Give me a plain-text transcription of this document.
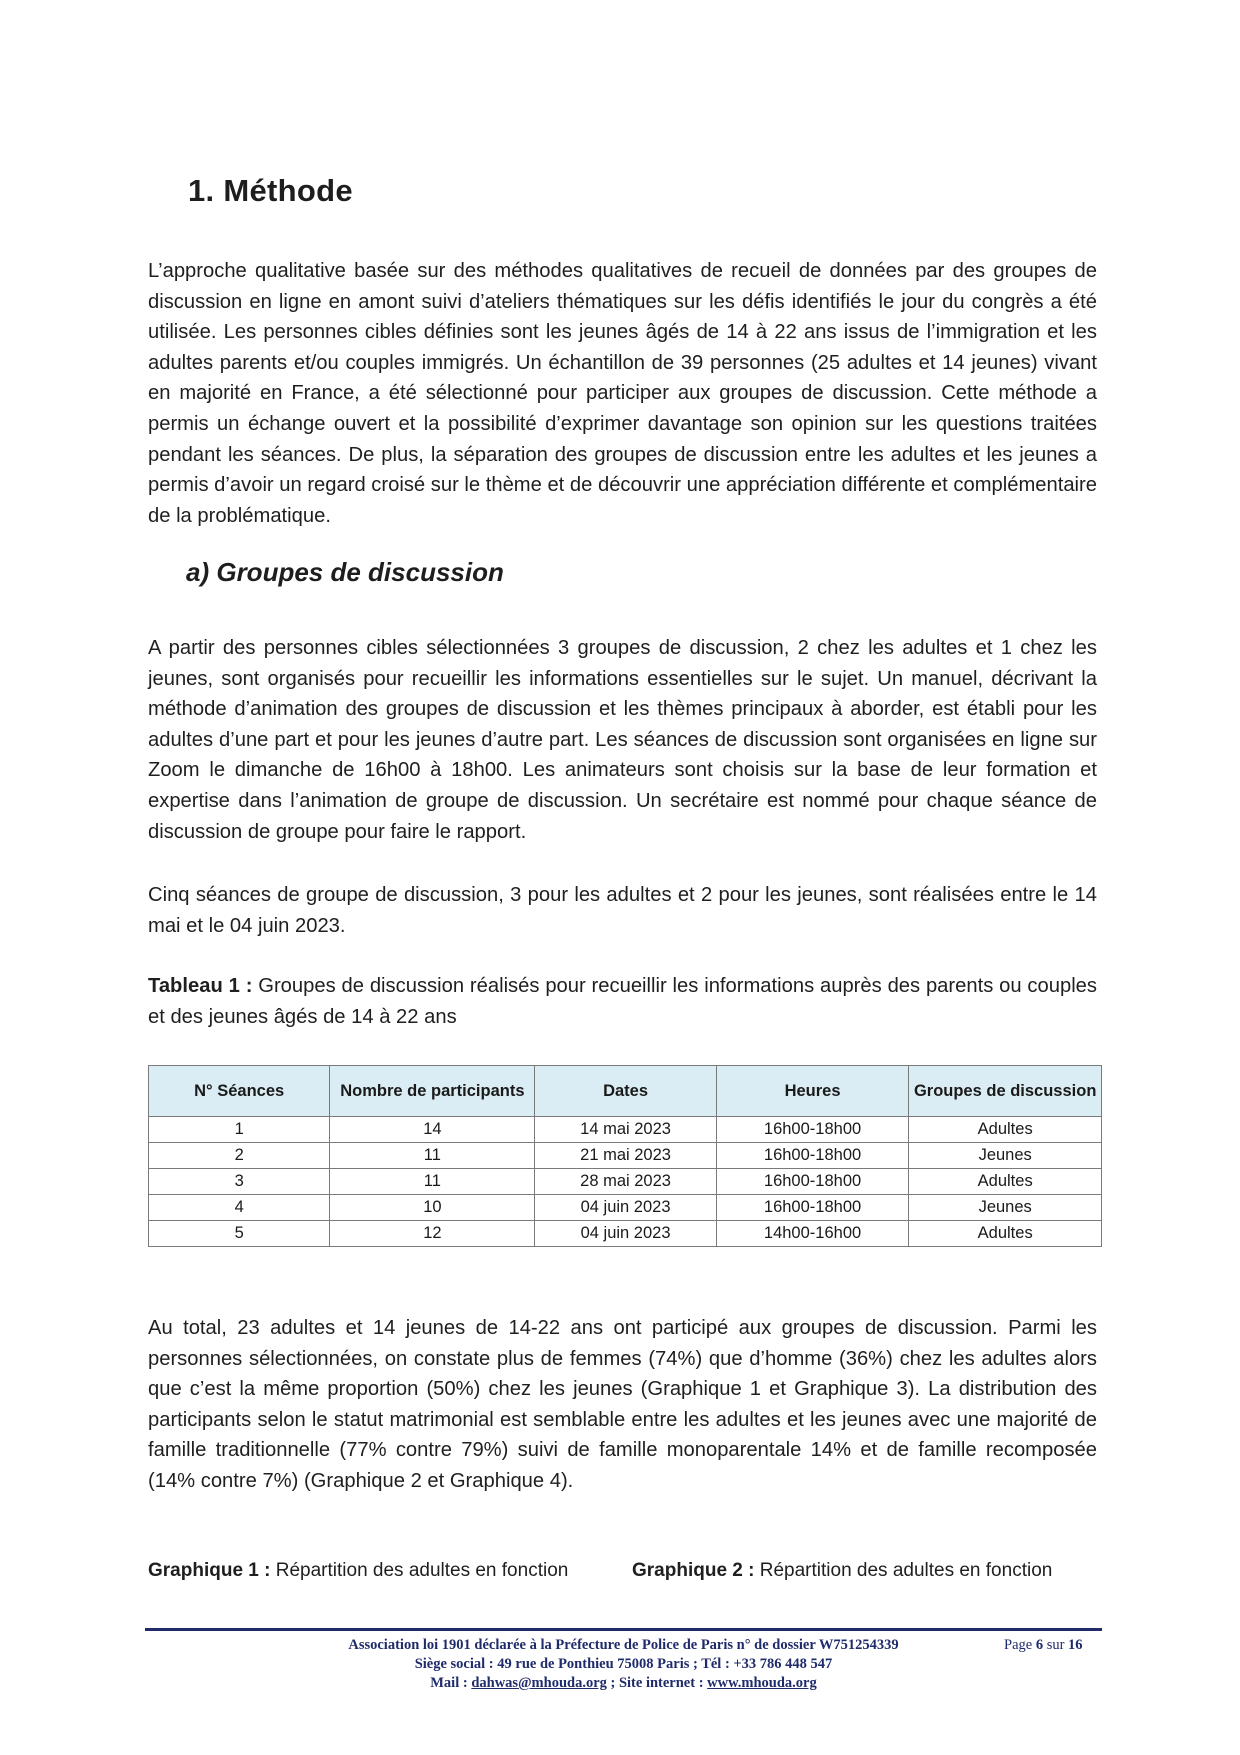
1. Méthode

L’approche qualitative basée sur des méthodes qualitatives de recueil de données par des groupes de discussion en ligne en amont suivi d’ateliers thématiques sur les défis identifiés le jour du congrès a été utilisée. Les personnes cibles définies sont les jeunes âgés de 14 à 22 ans issus de l’immigration et les adultes parents et/ou couples immigrés. Un échantillon de 39 personnes (25 adultes et 14 jeunes) vivant en majorité en France, a été sélectionné pour participer aux groupes de discussion. Cette méthode a permis un échange ouvert et la possibilité d’exprimer davantage son opinion sur les questions traitées pendant les séances. De plus, la séparation des groupes de discussion entre les adultes et les jeunes a permis d’avoir un regard croisé sur le thème et de découvrir une appréciation différente et complémentaire de la problématique.

a) Groupes de discussion

A partir des personnes cibles sélectionnées 3 groupes de discussion, 2 chez les adultes et 1 chez les jeunes, sont organisés pour recueillir les informations essentielles sur le sujet. Un manuel, décrivant la méthode d’animation des groupes de discussion et les thèmes principaux à aborder, est établi pour les adultes d’une part et pour les jeunes d’autre part. Les séances de discussion sont organisées en ligne sur Zoom le dimanche de 16h00 à 18h00. Les animateurs sont choisis sur la base de leur formation et expertise dans l’animation de groupe de discussion. Un secrétaire est nommé pour chaque séance de discussion de groupe pour faire le rapport.

Cinq séances de groupe de discussion, 3 pour les adultes et 2 pour les jeunes, sont réalisées entre le 14 mai et le 04 juin 2023.

Tableau 1 : Groupes de discussion réalisés pour recueillir les informations auprès des parents ou couples et des jeunes âgés de 14 à 22 ans

N° Séances	Nombre de participants	Dates	Heures	Groupes de discussion
1	14	14 mai 2023	16h00-18h00	Adultes
2	11	21 mai 2023	16h00-18h00	Jeunes
3	11	28 mai 2023	16h00-18h00	Adultes
4	10	04 juin 2023	16h00-18h00	Jeunes
5	12	04 juin 2023	14h00-16h00	Adultes

Au total, 23 adultes et 14 jeunes de 14-22 ans ont participé aux groupes de discussion. Parmi les personnes sélectionnées, on constate plus de femmes (74%) que d’homme (36%) chez les adultes alors que c’est la même proportion (50%) chez les jeunes (Graphique 1 et Graphique 3). La distribution des participants selon le statut matrimonial est semblable entre les adultes et les jeunes avec une majorité de famille traditionnelle (77% contre 79%) suivi de famille monoparentale 14% et de famille recomposée (14% contre 7%) (Graphique 2 et Graphique 4).

Graphique 1 : Répartition des adultes en fonction	Graphique 2 : Répartition des adultes en fonction

Association loi 1901 déclarée à la Préfecture de Police de Paris n° de dossier W751254339	Page 6 sur 16

Siège social : 49 rue de Ponthieu 75008 Paris ; Tél : +33 786 448 547

Mail : dahwas@mhouda.org ; Site internet : www.mhouda.org
